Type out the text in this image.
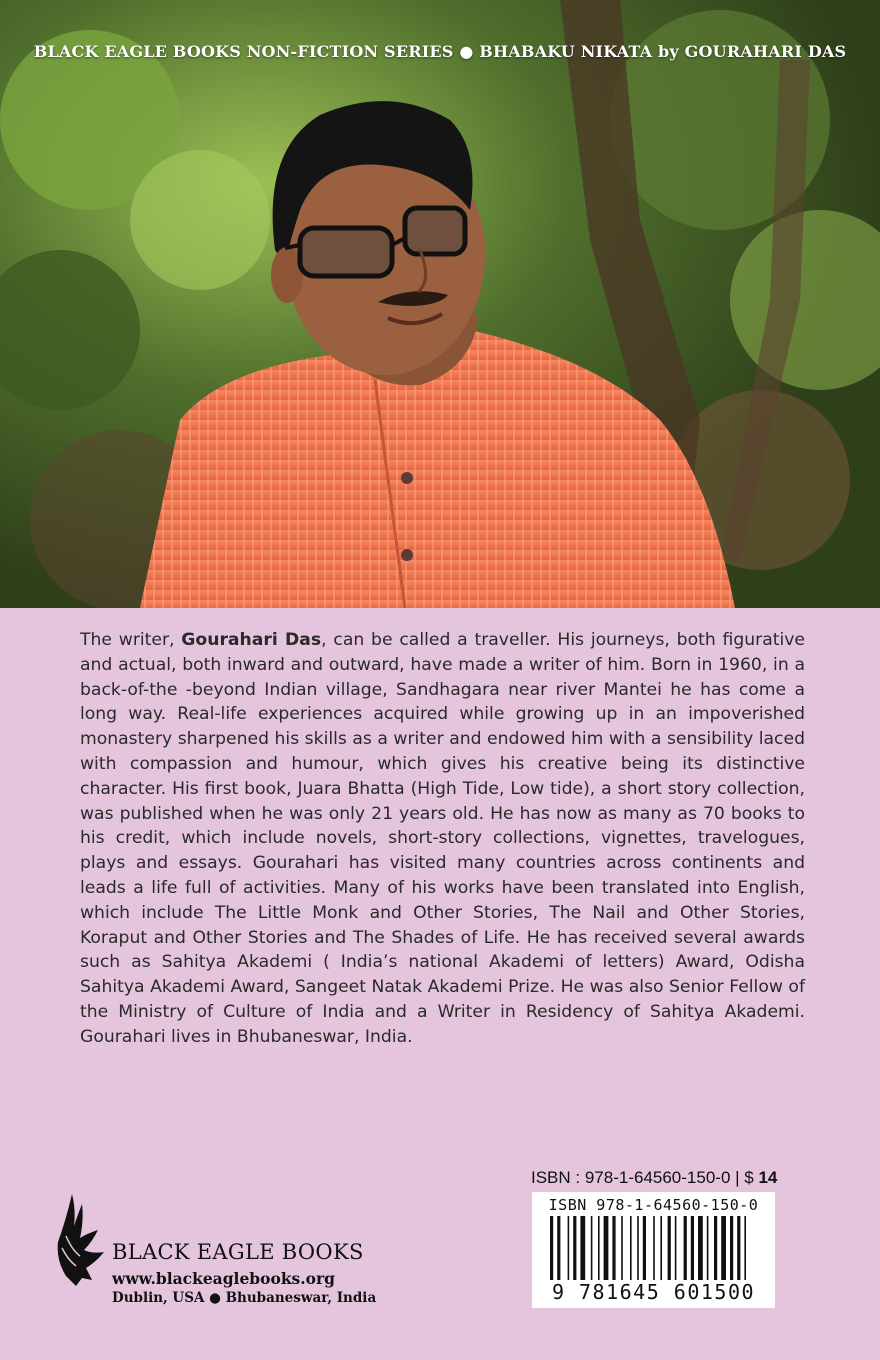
BLACK EAGLE BOOKS NON-FICTION SERIES ● BHABAKU NIKATA by GOURAHARI DAS
The writer, Gourahari Das, can be called a traveller. His journeys, both figurative and actual, both inward and outward, have made a writer of him. Born in 1960, in a back-of-the -beyond Indian village, Sandhagara near river Mantei he has come a long way. Real-life experiences acquired while growing up in an impoverished monastery sharpened his skills as a writer and endowed him with a sensibility laced with compassion and humour, which gives his creative being its distinctive character. His first book, Juara Bhatta (High Tide, Low tide), a short story collection, was published when he was only 21 years old. He has now as many as 70 books to his credit, which include novels, short-story collections, vignettes, travelogues, plays and essays. Gourahari has visited many countries across continents and leads a life full of activities. Many of his works have been translated into English, which include The Little Monk and Other Stories, The Nail and Other Stories, Koraput and Other Stories and The Shades of Life. He has received several awards such as Sahitya Akademi ( India’s national Akademi of letters) Award, Odisha Sahitya Akademi Award, Sangeet Natak Akademi Prize. He was also Senior Fellow of the Ministry of Culture of India and a Writer in Residency of Sahitya Akademi. Gourahari lives in Bhubaneswar, India.
BLACK EAGLE BOOKS
www.blackeaglebooks.org
Dublin, USA ● Bhubaneswar, India
ISBN : 978-1-64560-150-0 | $ 14
ISBN 978-1-64560-150-0
9 781645 601500
